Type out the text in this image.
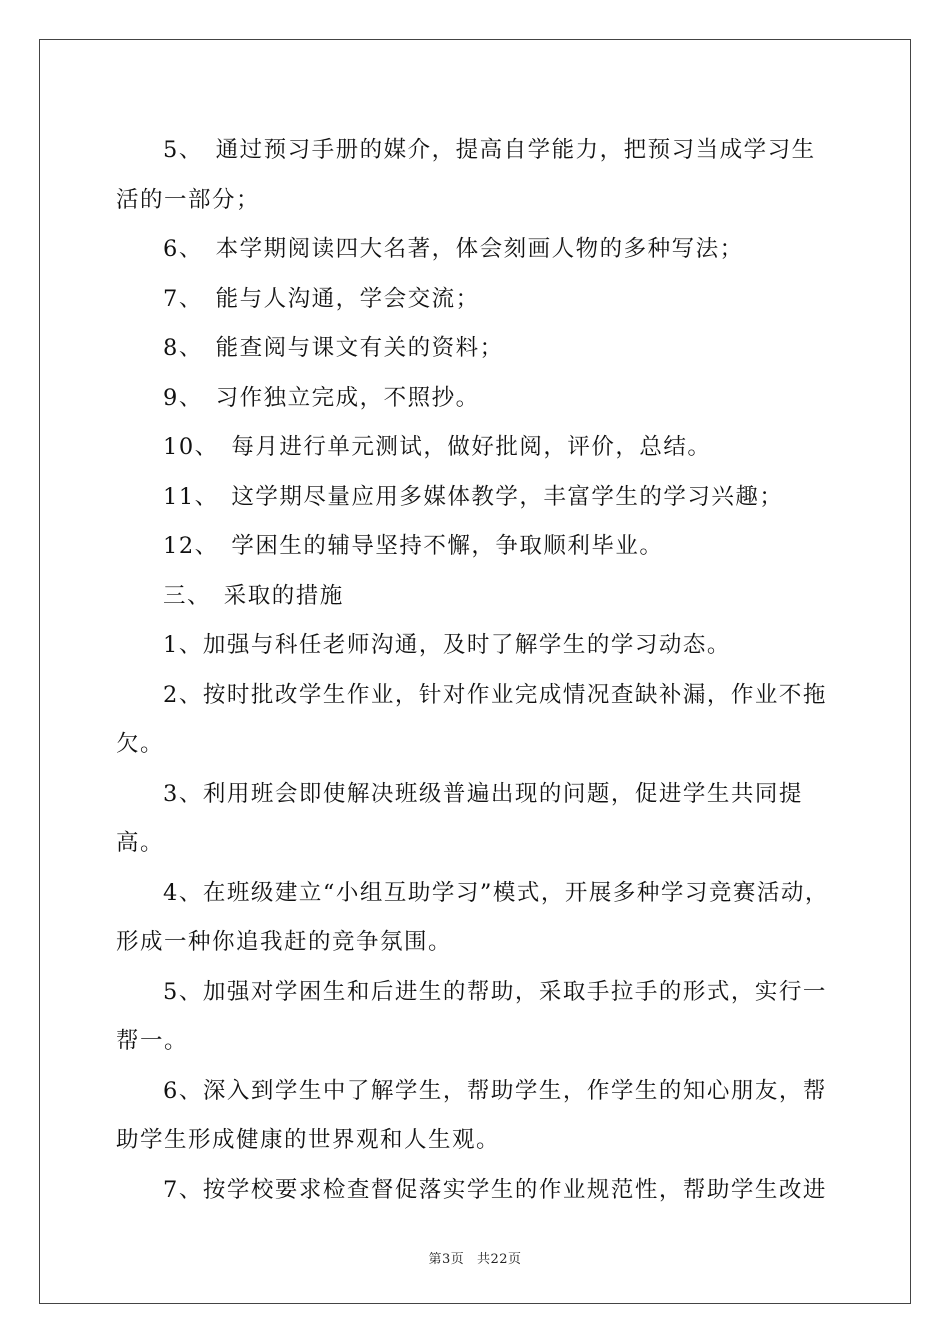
5、　通过预习手册的媒介，提高自学能力，把预习当成学习生活的一部分；

6、　本学期阅读四大名著，体会刻画人物的多种写法；

7、　能与人沟通，学会交流；

8、　能查阅与课文有关的资料；

9、　习作独立完成，不照抄。

10、　每月进行单元测试，做好批阅，评价，总结。

11、　这学期尽量应用多媒体教学，丰富学生的学习兴趣；

12、　学困生的辅导坚持不懈，争取顺利毕业。

三、　采取的措施

1、加强与科任老师沟通，及时了解学生的学习动态。

2、按时批改学生作业，针对作业完成情况查缺补漏，作业不拖欠。

3、利用班会即使解决班级普遍出现的问题，促进学生共同提高。

4、在班级建立“小组互助学习”模式，开展多种学习竞赛活动，形成一种你追我赶的竞争氛围。

5、加强对学困生和后进生的帮助，采取手拉手的形式，实行一帮一。

6、深入到学生中了解学生，帮助学生，作学生的知心朋友，帮助学生形成健康的世界观和人生观。

7、按学校要求检查督促落实学生的作业规范性，帮助学生改进

第3页 共22页
